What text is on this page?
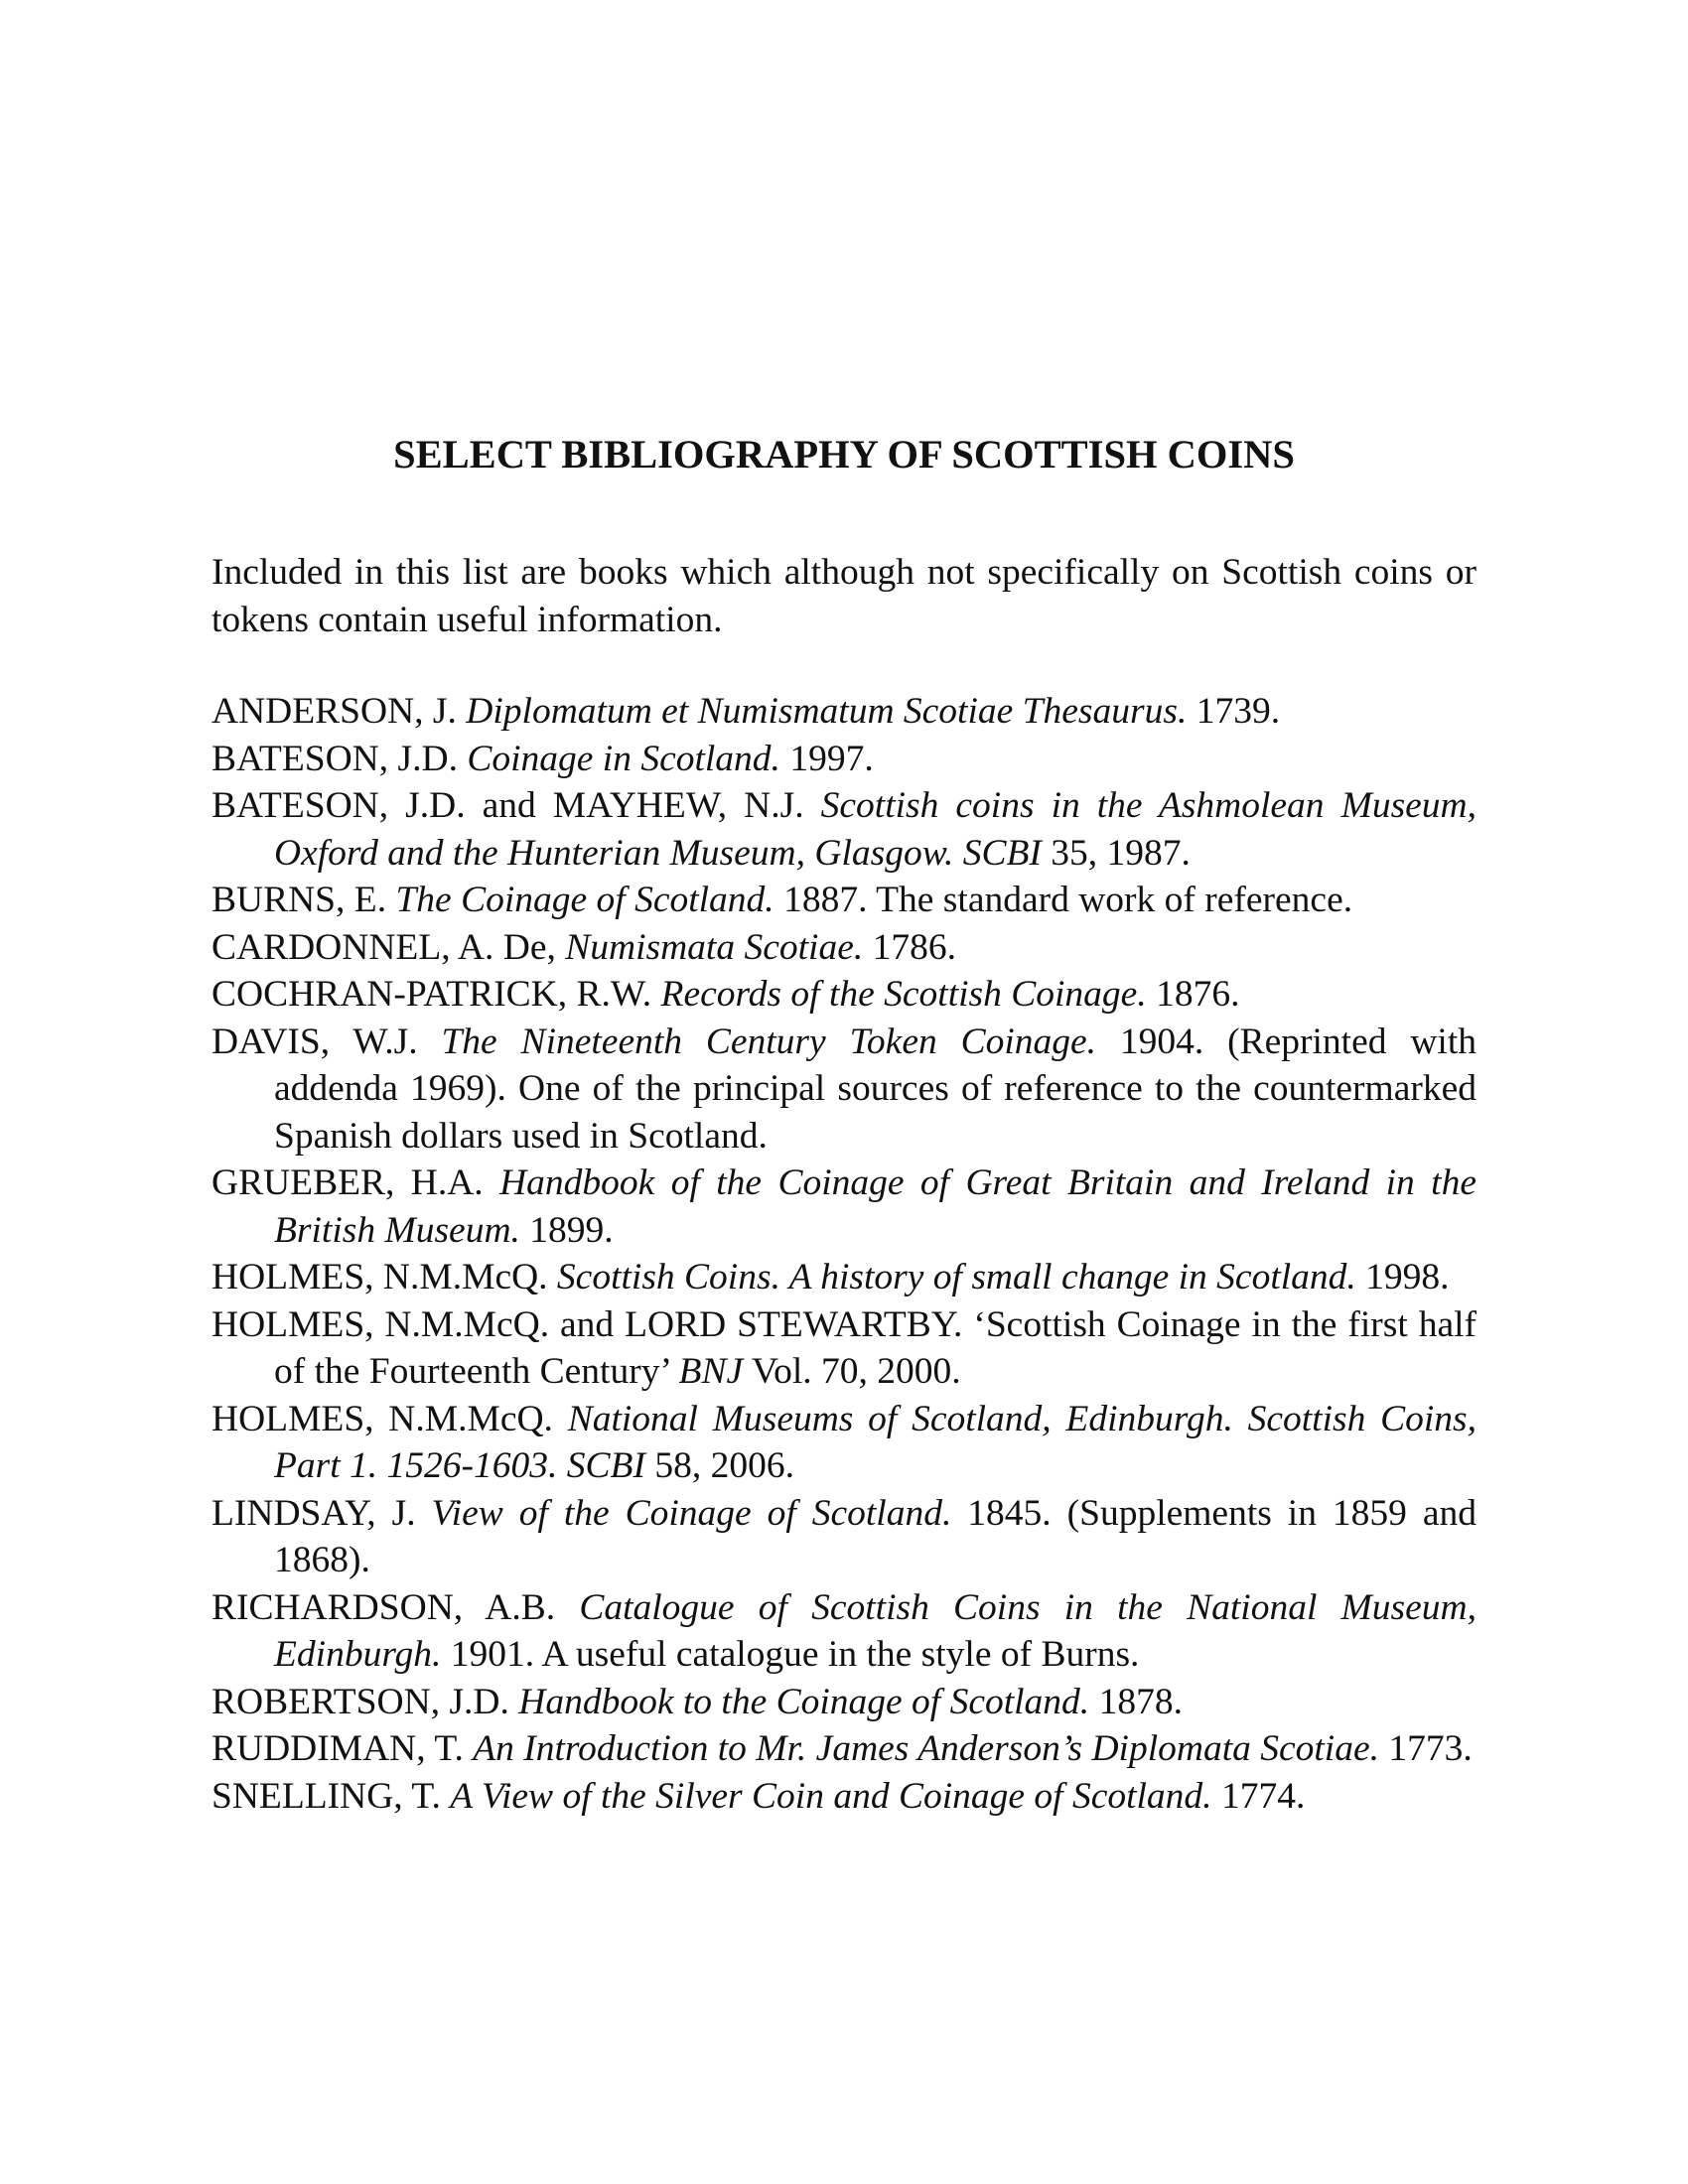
SELECT BIBLIOGRAPHY OF SCOTTISH COINS

Included in this list are books which although not specifically on Scottish coins or tokens contain useful information.

ANDERSON, J. Diplomatum et Numismatum Scotiae Thesaurus. 1739.
BATESON, J.D. Coinage in Scotland. 1997.
BATESON, J.D. and MAYHEW, N.J. Scottish coins in the Ashmolean Museum, Oxford and the Hunterian Museum, Glasgow. SCBI 35, 1987.
BURNS, E. The Coinage of Scotland. 1887. The standard work of reference.
CARDONNEL, A. De, Numismata Scotiae. 1786.
COCHRAN-PATRICK, R.W. Records of the Scottish Coinage. 1876.
DAVIS, W.J. The Nineteenth Century Token Coinage. 1904. (Reprinted with addenda 1969). One of the principal sources of reference to the countermarked Spanish dollars used in Scotland.
GRUEBER, H.A. Handbook of the Coinage of Great Britain and Ireland in the British Museum. 1899.
HOLMES, N.M.McQ. Scottish Coins. A history of small change in Scotland. 1998.
HOLMES, N.M.McQ. and LORD STEWARTBY. ‘Scottish Coinage in the first half of the Fourteenth Century’ BNJ Vol. 70, 2000.
HOLMES, N.M.McQ. National Museums of Scotland, Edinburgh. Scottish Coins, Part 1. 1526-1603. SCBI 58, 2006.
LINDSAY, J. View of the Coinage of Scotland. 1845. (Supplements in 1859 and 1868).
RICHARDSON, A.B. Catalogue of Scottish Coins in the National Museum, Edinburgh. 1901. A useful catalogue in the style of Burns.
ROBERTSON, J.D. Handbook to the Coinage of Scotland. 1878.
RUDDIMAN, T. An Introduction to Mr. James Anderson’s Diplomata Scotiae. 1773.
SNELLING, T. A View of the Silver Coin and Coinage of Scotland. 1774.
